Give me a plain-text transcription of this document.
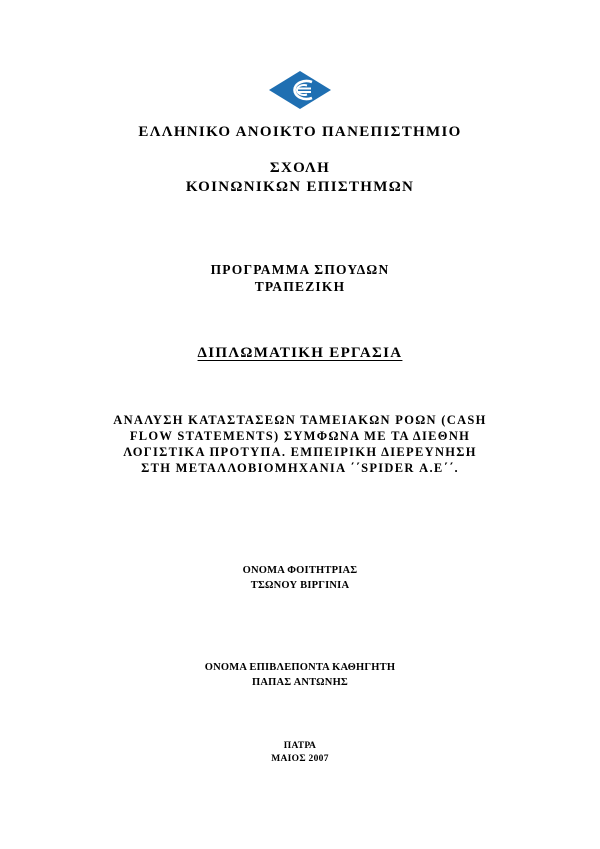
ΕΛΛΗΝΙΚΟ ΑΝΟΙΚΤΟ ΠΑΝΕΠΙΣΤΗΜΙΟ
ΣΧΟΛΗ
ΚΟΙΝΩΝΙΚΩΝ ΕΠΙΣΤΗΜΩΝ
ΠΡΟΓΡΑΜΜΑ ΣΠΟΥΔΩΝ
ΤΡΑΠΕΖΙΚΗ
ΔΙΠΛΩΜΑΤΙΚΗ ΕΡΓΑΣΙΑ
ΑΝΑΛΥΣΗ ΚΑΤΑΣΤΑΣΕΩΝ ΤΑΜΕΙΑΚΩΝ ΡΟΩΝ (CASH
FLOW STATEMENTS) ΣΥΜΦΩΝΑ ΜΕ ΤΑ ΔΙΕΘΝΗ
ΛΟΓΙΣΤΙΚΑ ΠΡΟΤΥΠΑ. ΕΜΠΕΙΡΙΚΗ ΔΙΕΡΕΥΝΗΣΗ
ΣΤΗ ΜΕΤΑΛΛΟΒΙΟΜΗΧΑΝΙΑ ΄΄SPIDER Α.Ε΄΄.
ΟΝΟΜΑ ΦΟΙΤΗΤΡΙΑΣ
ΤΣΩΝΟΥ ΒΙΡΓΙΝΙΑ
ΟΝΟΜΑ ΕΠΙΒΛΕΠΟΝΤΑ ΚΑΘΗΓΗΤΗ
ΠΑΠΑΣ ΑΝΤΩΝΗΣ
ΠΑΤΡΑ
ΜΑΙΟΣ 2007
